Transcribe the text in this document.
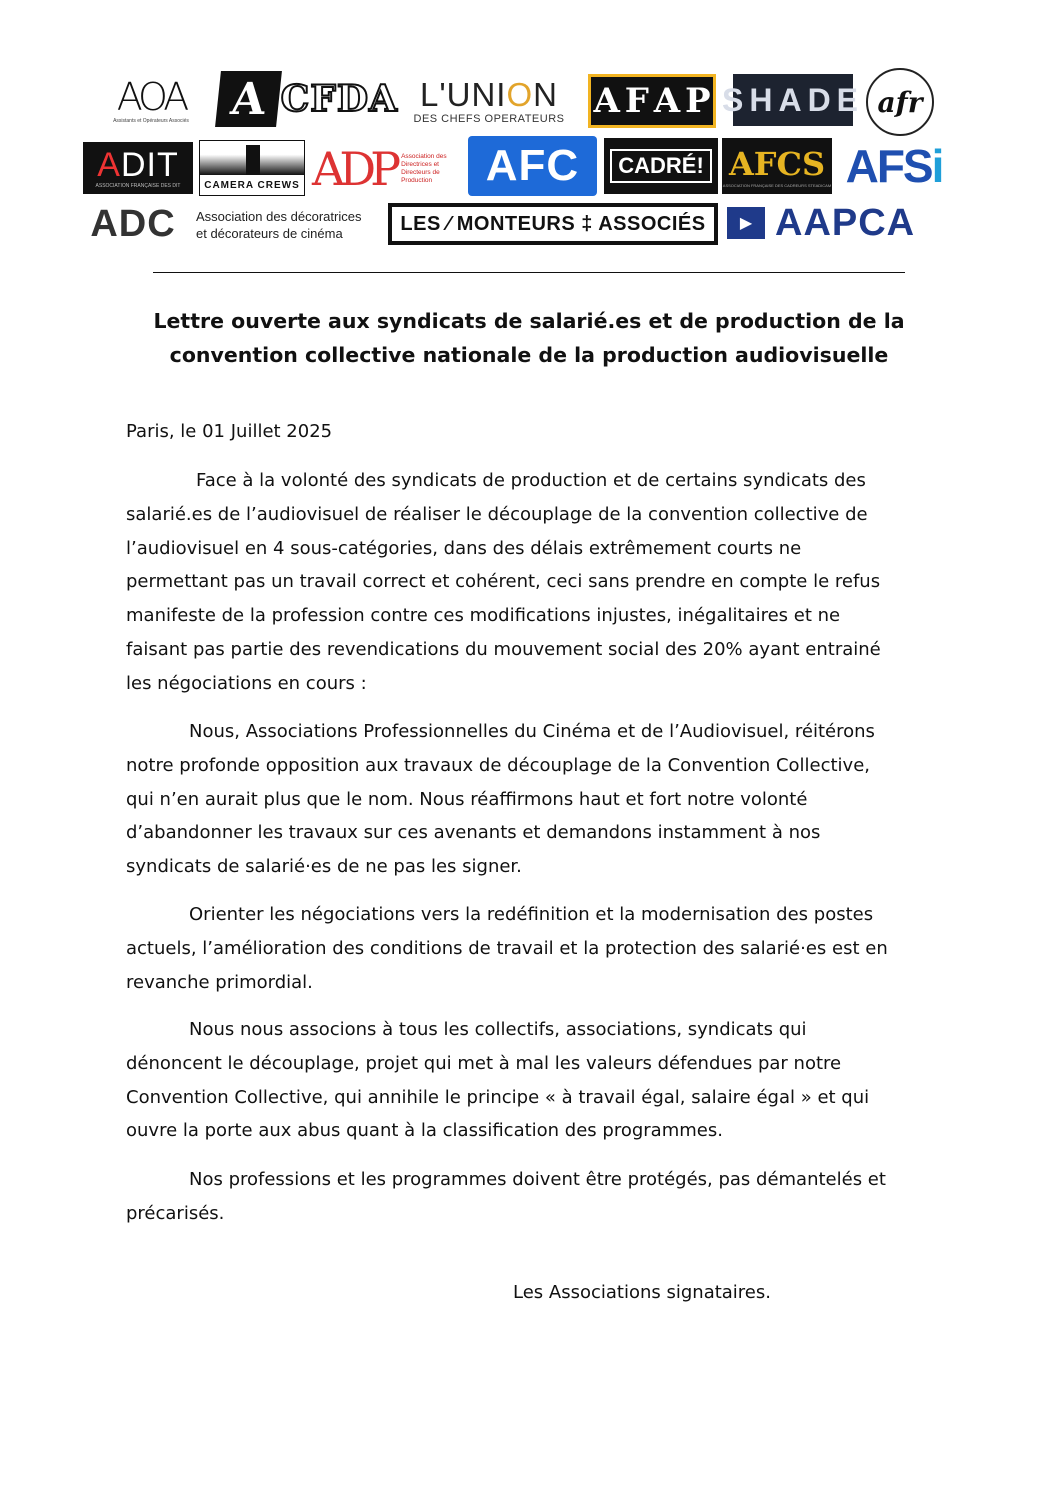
AOA
Assistants et Opérateurs Associés A CFDA L'UNION
DES CHEFS OPERATEURS A F A P SHADE afr
ADIT
ASSOCIATION FRANÇAISE DES DIT CAMERA CREWS ADP Association des Directrices et Directeurs de Production	AFC	CADRÉ! AFCS
ASSOCIATION FRANÇAISE DES CADREURS STEADICAM AFSi
ADC Association des décoratrices
et décorateurs de cinéma	LES ⁄ MONTEURS ‡ ASSOCIÉS ▶ AAPCA
Lettre ouverte aux syndicats de salarié.es et de production de la
convention collective nationale de la production audiovisuelle

Paris, le 01 Juillet 2025

Face à la volonté des syndicats de production et de certains syndicats des
salarié.es de l’audiovisuel de réaliser le découplage de la convention collective de
l’audiovisuel en 4 sous-catégories, dans des délais extrêmement courts ne
permettant pas un travail correct et cohérent, ceci sans prendre en compte le refus
manifeste de la profession contre ces modifications injustes, inégalitaires et ne
faisant pas partie des revendications du mouvement social des 20% ayant entrainé
les négociations en cours :

Nous, Associations Professionnelles du Cinéma et de l’Audiovisuel, réitérons
notre profonde opposition aux travaux de découplage de la Convention Collective,
qui n’en aurait plus que le nom. Nous réaffirmons haut et fort notre volonté
d’abandonner les travaux sur ces avenants et demandons instamment à nos
syndicats de salarié·es de ne pas les signer.

Orienter les négociations vers la redéfinition et la modernisation des postes
actuels, l’amélioration des conditions de travail et la protection des salarié·es est en
revanche primordial.

Nous nous associons à tous les collectifs, associations, syndicats qui
dénoncent le découplage, projet qui met à mal les valeurs défendues par notre
Convention Collective, qui annihile le principe « à travail égal, salaire égal » et qui
ouvre la porte aux abus quant à la classification des programmes.

Nos professions et les programmes doivent être protégés, pas démantelés et
précarisés.

Les Associations signataires.
